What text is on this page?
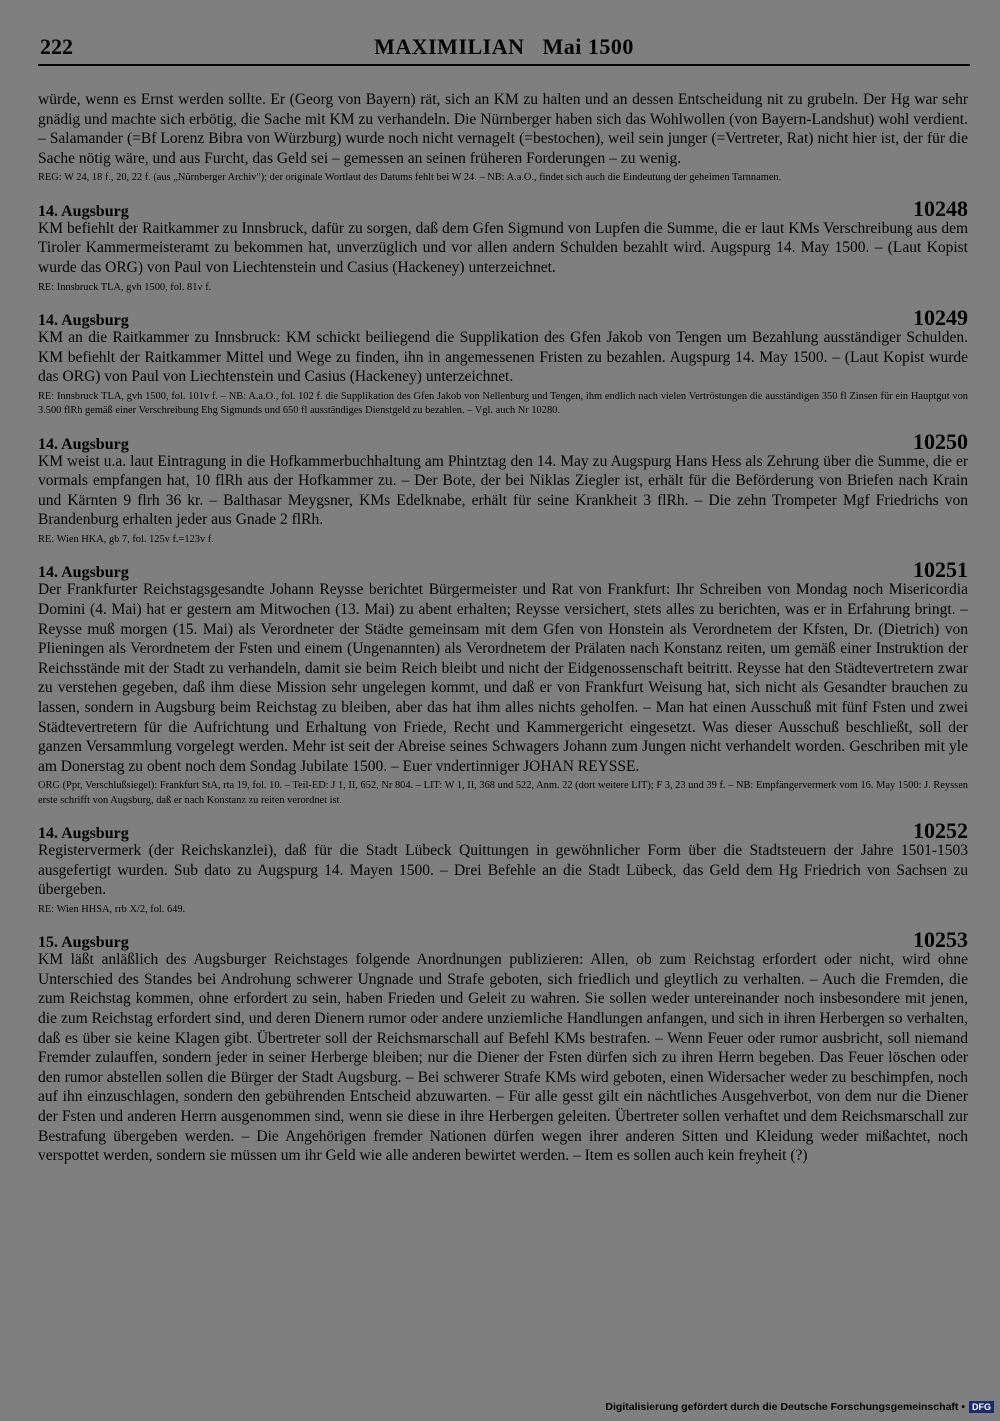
222	MAXIMILIAN   Mai 1500

würde, wenn es Ernst werden sollte. Er (Georg von Bayern) rät, sich an KM zu halten und an dessen Entscheidung nit zu grubeln. Der Hg war sehr gnädig und machte sich erbötig, die Sache mit KM zu verhandeln. Die Nürnberger haben sich das Wohlwollen (von Bayern-Landshut) wohl verdient. – Salamander (=Bf Lorenz Bibra von Würzburg) wurde noch nicht vernagelt (=bestochen), weil sein junger (=Vertreter, Rat) nicht hier ist, der für die Sache nötig wäre, und aus Furcht, das Geld sei – gemessen an seinen früheren Forderungen – zu wenig.

REG: W 24, 18 f., 20, 22 f. (aus „Nürnberger Archiv"); der originale Wortlaut des Datums fehlt bei W 24. – NB: A.a.O., findet sich auch die Eindeutung der geheimen Tarnnamen.

14. Augsburg	10248

KM befiehlt der Raitkammer zu Innsbruck, dafür zu sorgen, daß dem Gfen Sigmund von Lupfen die Summe, die er laut KMs Verschreibung aus dem Tiroler Kammermeisteramt zu bekommen hat, unverzüglich und vor allen andern Schulden bezahlt wird. Augspurg 14. May 1500. – (Laut Kopist wurde das ORG) von Paul von Liechtenstein und Casius (Hackeney) unterzeichnet.

RE: Innsbruck TLA, gvh 1500, fol. 81v f.

14. Augsburg	10249

KM an die Raitkammer zu Innsbruck: KM schickt beiliegend die Supplikation des Gfen Jakob von Tengen um Bezahlung ausständiger Schulden. KM befiehlt der Raitkammer Mittel und Wege zu finden, ihn in angemessenen Fristen zu bezahlen. Augspurg 14. May 1500. – (Laut Kopist wurde das ORG) von Paul von Liechtenstein und Casius (Hackeney) unterzeichnet.

RE: Innsbruck TLA, gvh 1500, fol. 101v f. – NB: A.a.O., fol. 102 f. die Supplikation des Gfen Jakob von Nellenburg und Tengen, ihm endlich nach vielen Vertröstungen die ausständigen 350 fl Zinsen für ein Hauptgut von 3.500 flRh gemäß einer Verschreibung Ehg Sigmunds und 650 fl ausständiges Dienstgeld zu bezahlen. – Vgl. auch Nr 10280.

14. Augsburg	10250

KM weist u.a. laut Eintragung in die Hofkammerbuchhaltung am Phintztag den 14. May zu Augspurg Hans Hess als Zehrung über die Summe, die er vormals empfangen hat, 10 flRh aus der Hofkammer zu. – Der Bote, der bei Niklas Ziegler ist, erhält für die Beförderung von Briefen nach Krain und Kärnten 9 flrh 36 kr. – Balthasar Meygsner, KMs Edelknabe, erhält für seine Krankheit 3 flRh. – Die zehn Trompeter Mgf Friedrichs von Brandenburg erhalten jeder aus Gnade 2 flRh.

RE: Wien HKA, gb 7, fol. 125v f.=123v f.

14. Augsburg	10251

Der Frankfurter Reichstagsgesandte Johann Reysse berichtet Bürgermeister und Rat von Frankfurt: Ihr Schreiben von Mondag noch Misericordia Domini (4. Mai) hat er gestern am Mitwochen (13. Mai) zu abent erhalten; Reysse versichert, stets alles zu berichten, was er in Erfahrung bringt. – Reysse muß morgen (15. Mai) als Verordneter der Städte gemeinsam mit dem Gfen von Honstein als Verordnetem der Kfsten, Dr. (Dietrich) von Plieningen als Verordnetem der Fsten und einem (Ungenannten) als Verordnetem der Prälaten nach Konstanz reiten, um gemäß einer Instruktion der Reichsstände mit der Stadt zu verhandeln, damit sie beim Reich bleibt und nicht der Eidgenossenschaft beitritt. Reysse hat den Städtevertretern zwar zu verstehen gegeben, daß ihm diese Mission sehr ungelegen kommt, und daß er von Frankfurt Weisung hat, sich nicht als Gesandter brauchen zu lassen, sondern in Augsburg beim Reichstag zu bleiben, aber das hat ihm alles nichts geholfen. – Man hat einen Ausschuß mit fünf Fsten und zwei Städtevertretern für die Aufrichtung und Erhaltung von Friede, Recht und Kammergericht eingesetzt. Was dieser Ausschuß beschließt, soll der ganzen Versammlung vorgelegt werden. Mehr ist seit der Abreise seines Schwagers Johann zum Jungen nicht verhandelt worden. Geschriben mit yle am Donerstag zu obent noch dem Sondag Jubilate 1500. – Euer vndertinniger JOHAN REYSSE.

ORG (Ppr, Verschlußsiegel): Frankfurt StA, rta 19, fol. 10. – Teil-ED: J 1, II, 652, Nr 804. – LIT: W 1, II, 368 und 522, Anm. 22 (dort weitere LIT); F 3, 23 und 39 f. – NB: Empfängervermerk vom 16. May 1500: J. Reyssen erste schrifft von Augsburg, daß er nach Konstanz zu reiten verordnet ist.

14. Augsburg	10252

Registervermerk (der Reichskanzlei), daß für die Stadt Lübeck Quittungen in gewöhnlicher Form über die Stadtsteuern der Jahre 1501-1503 ausgefertigt wurden. Sub dato zu Augspurg 14. Mayen 1500. – Drei Befehle an die Stadt Lübeck, das Geld dem Hg Friedrich von Sachsen zu übergeben.

RE: Wien HHSA, rrb X/2, fol. 649.

15. Augsburg	10253

KM läßt anläßlich des Augsburger Reichstages folgende Anordnungen publizieren: Allen, ob zum Reichstag erfordert oder nicht, wird ohne Unterschied des Standes bei Androhung schwerer Ungnade und Strafe geboten, sich friedlich und gleytlich zu verhalten. – Auch die Fremden, die zum Reichstag kommen, ohne erfordert zu sein, haben Frieden und Geleit zu wahren. Sie sollen weder untereinander noch insbesondere mit jenen, die zum Reichstag erfordert sind, und deren Dienern rumor oder andere unziemliche Handlungen anfangen, und sich in ihren Herbergen so verhalten, daß es über sie keine Klagen gibt. Übertreter soll der Reichsmarschall auf Befehl KMs bestrafen. – Wenn Feuer oder rumor ausbricht, soll niemand Fremder zulauffen, sondern jeder in seiner Herberge bleiben; nur die Diener der Fsten dürfen sich zu ihren Herrn begeben. Das Feuer löschen oder den rumor abstellen sollen die Bürger der Stadt Augsburg. – Bei schwerer Strafe KMs wird geboten, einen Widersacher weder zu beschimpfen, noch auf ihn einzuschlagen, sondern den gebührenden Entscheid abzuwarten. – Für alle gesst gilt ein nächtliches Ausgehverbot, von dem nur die Diener der Fsten und anderen Herrn ausgenommen sind, wenn sie diese in ihre Herbergen geleiten. Übertreter sollen verhaftet und dem Reichsmarschall zur Bestrafung übergeben werden. – Die Angehörigen fremder Nationen dürfen wegen ihrer anderen Sitten und Kleidung weder mißachtet, noch verspottet werden, sondern sie müssen um ihr Geld wie alle anderen bewirtet werden. – Item es sollen auch kein freyheit (?)

Digitalisierung gefördert durch die Deutsche Forschungsgemeinschaft • DFG
